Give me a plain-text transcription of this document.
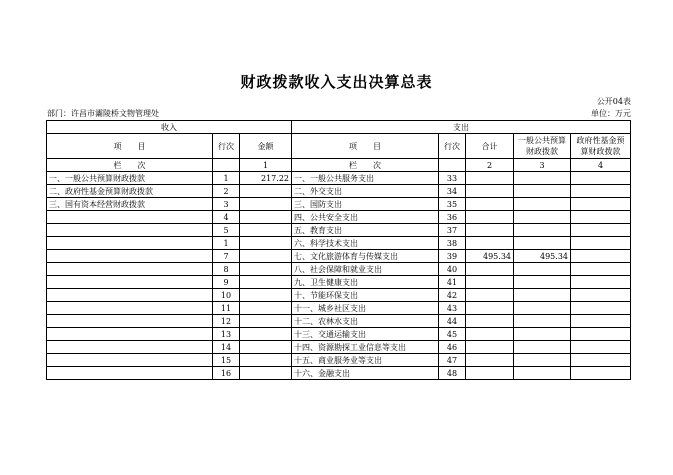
财政拨款收入支出决算总表
公开04表
部门：许昌市灞陵桥文物管理处	单位：万元
收入			支出				
项　　目	行次	金额	项　　目	行次	合计	一般公共预算财政拨款	政府性基金预算财政拨款
栏　　次		1	栏　　次		2	3	4
一、一般公共预算财政拨款	1	217.22	一、一般公共服务支出	33			
二、政府性基金预算财政拨款	2		二、外交支出	34			
三、国有资本经营财政拨款	3		三、国防支出	35			
	4		四、公共安全支出	36			
	5		五、教育支出	37			
	1		六、科学技术支出	38			
	7		七、文化旅游体育与传媒支出	39	495.34	495.34	
	8		八、社会保障和就业支出	40			
	9		九、卫生健康支出	41			
	10		十、节能环保支出	42			
	11		十一、城乡社区支出	43			
	12		十二、农林水支出	44			
	13		十三、交通运输支出	45			
	14		十四、资源勘探工业信息等支出	46			
	15		十五、商业服务业等支出	47			
	16		十六、金融支出	48			
